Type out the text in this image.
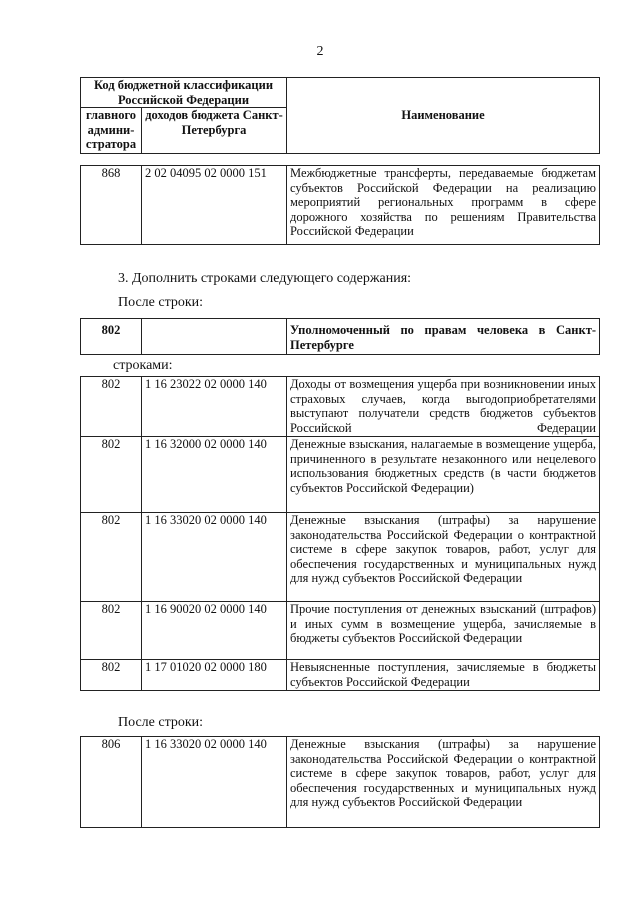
2
Код бюджетной классификации Российской Федерации		Наименование
главного админи-стратора	доходов бюджета Санкт-Петербурга	
868	2 02 04095 02 0000 151	Межбюджетные трансферты, передаваемые бюджетам субъектов Российской Федерации на реализацию мероприятий региональных программ в сфере дорожного хозяйства по решениям Правительства Российской Федерации
3. Дополнить строками следующего содержания:
После строки:
802		Уполномоченный по правам человека в Санкт-Петербурге
строками:
802	1 16 23022 02 0000 140	Доходы от возмещения ущерба при возникновении иных страховых случаев, когда выгодоприобретателями выступают получатели средств бюджетов субъектов Российской Федерации
802	1 16 32000 02 0000 140	Денежные взыскания, налагаемые в возмещение ущерба, причиненного в результате незаконного или нецелевого использования бюджетных средств (в части бюджетов субъектов Российской Федерации)
802	1 16 33020 02 0000 140	Денежные взыскания (штрафы) за нарушение законодательства Российской Федерации о контрактной системе в сфере закупок товаров, работ, услуг для обеспечения государственных и муниципальных нужд для нужд субъектов Российской Федерации
802	1 16 90020 02 0000 140	Прочие поступления от денежных взысканий (штрафов) и иных сумм в возмещение ущерба, зачисляемые в бюджеты субъектов Российской Федерации
802	1 17 01020 02 0000 180	Невыясненные поступления, зачисляемые в бюджеты субъектов Российской Федерации
После строки:
806	1 16 33020 02 0000 140	Денежные взыскания (штрафы) за нарушение законодательства Российской Федерации о контрактной системе в сфере закупок товаров, работ, услуг для обеспечения государственных и муниципальных нужд для нужд субъектов Российской Федерации
